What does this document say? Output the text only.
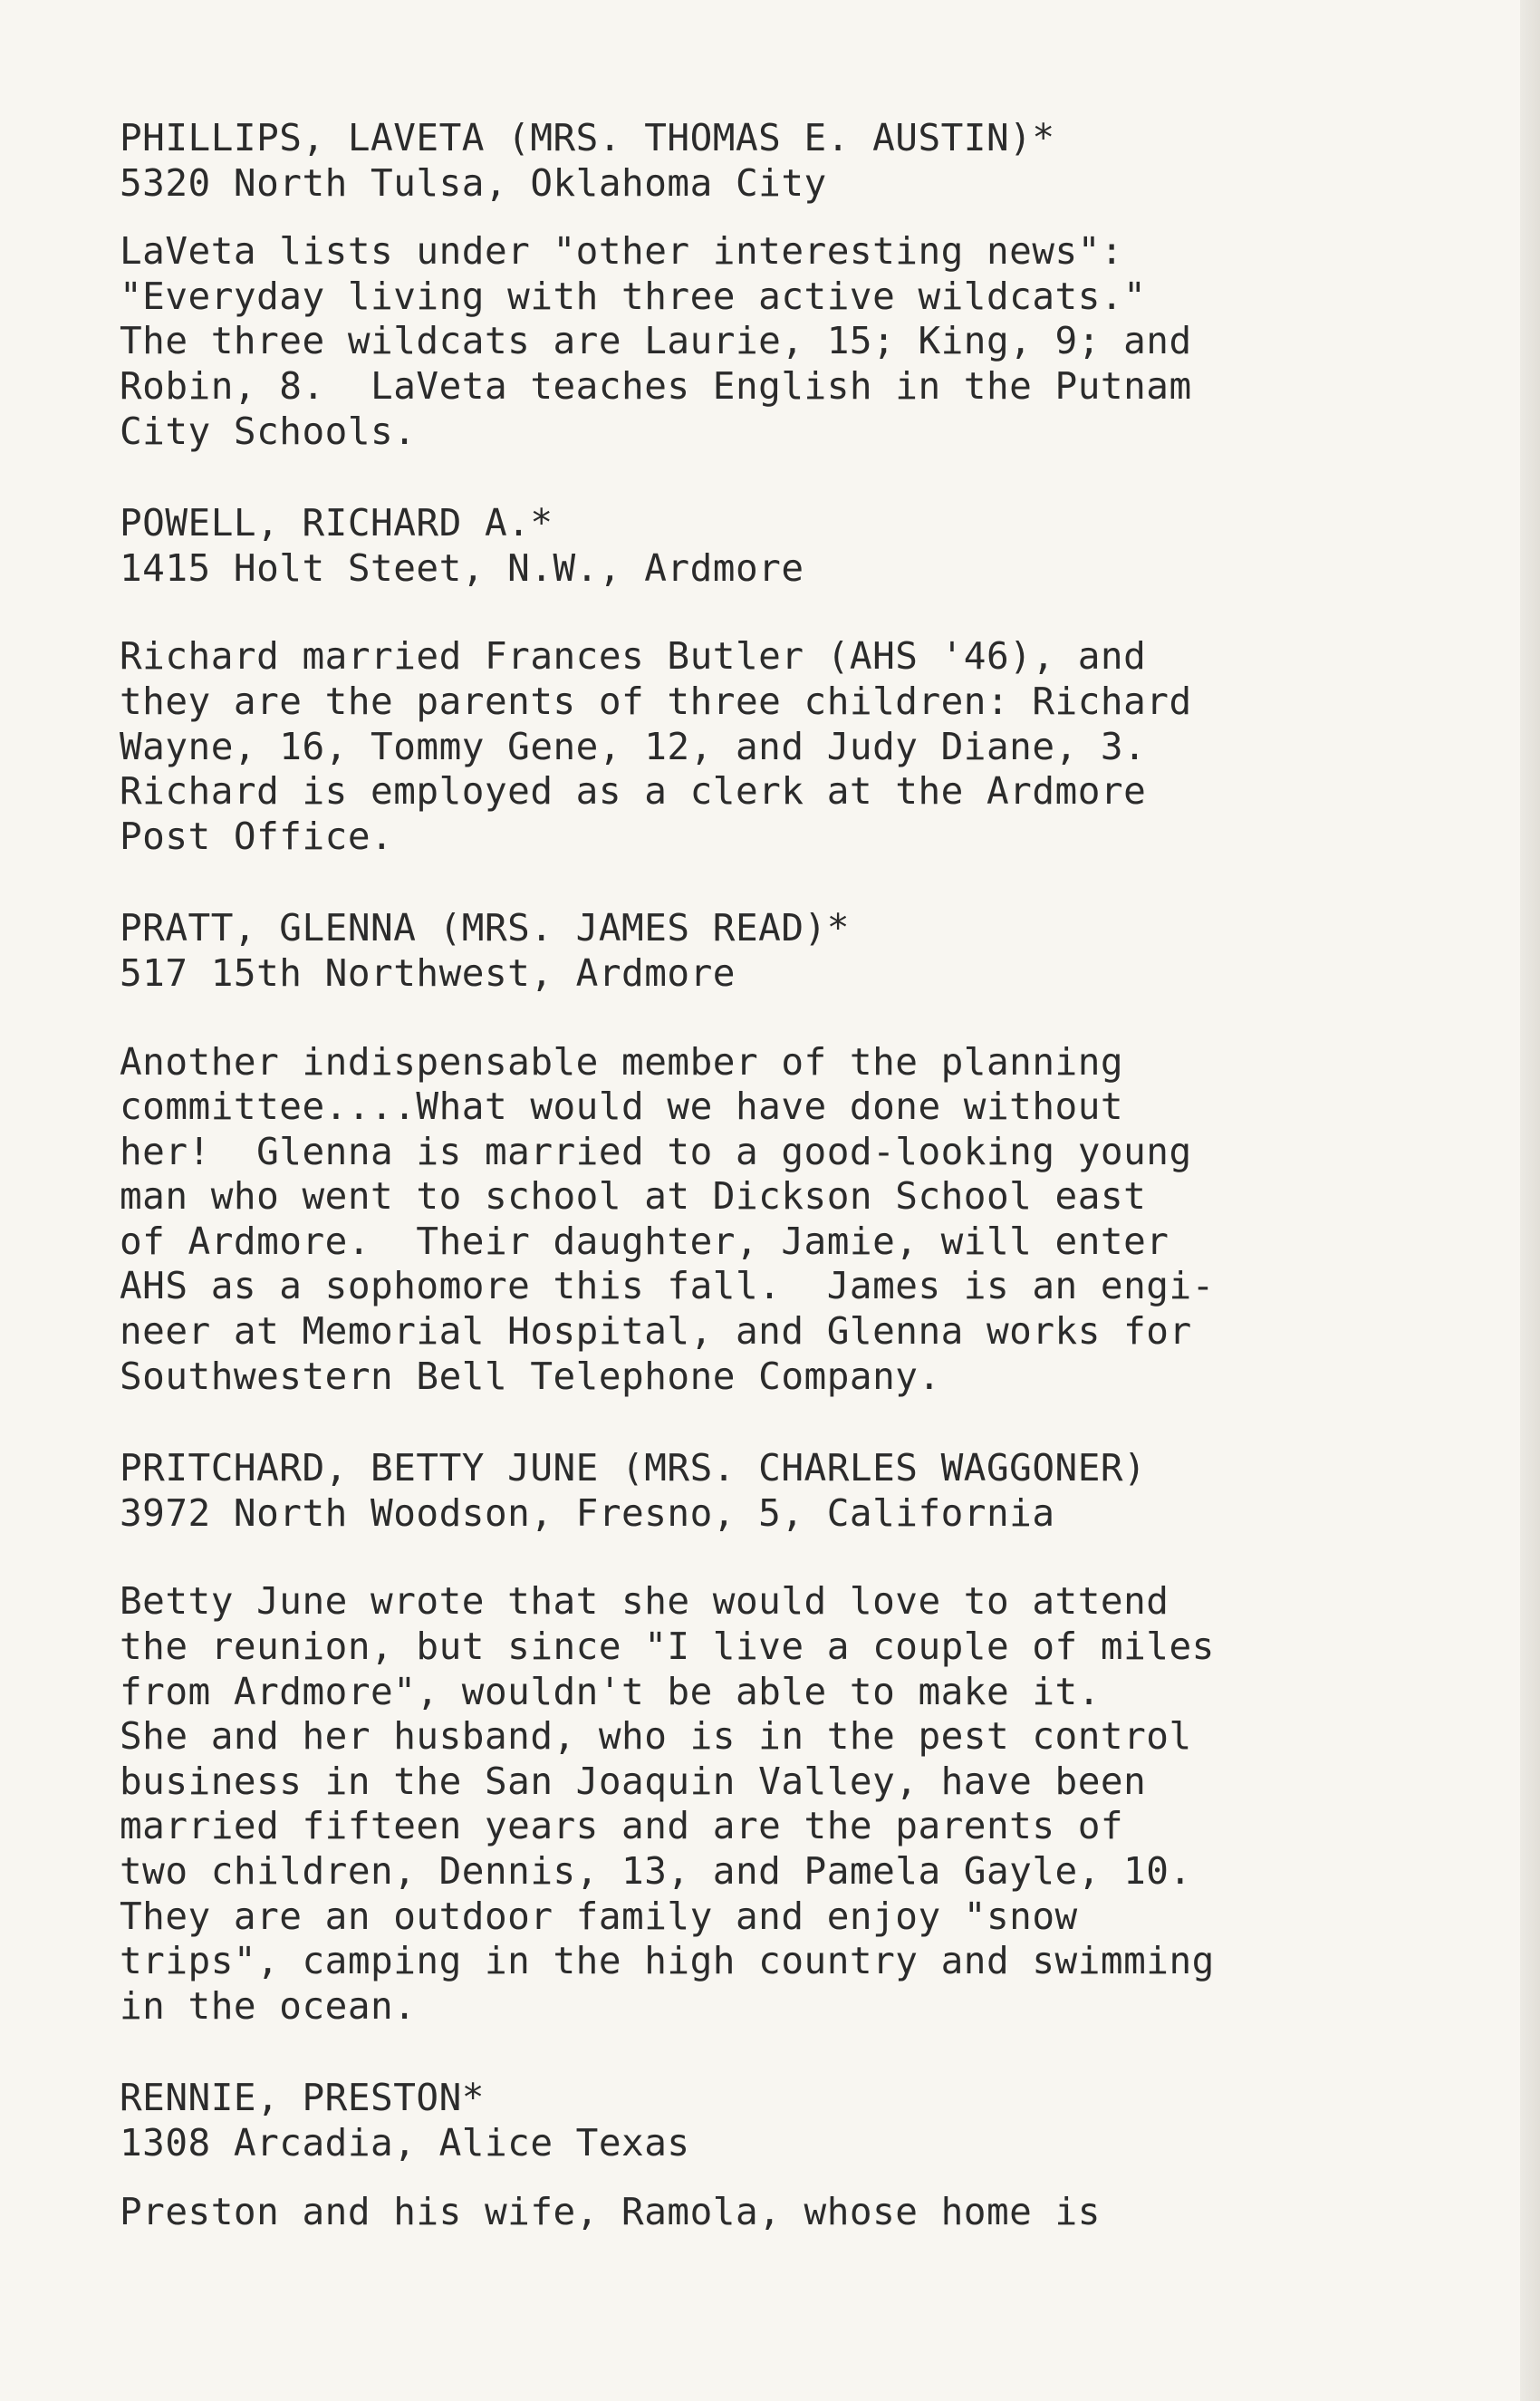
PHILLIPS, LAVETA (MRS. THOMAS E. AUSTIN)*
5320 North Tulsa, Oklahoma City
LaVeta lists under "other interesting news":
"Everyday living with three active wildcats."
The three wildcats are Laurie, 15; King, 9; and
Robin, 8.  LaVeta teaches English in the Putnam
City Schools.
POWELL, RICHARD A.*
1415 Holt Steet, N.W., Ardmore
Richard married Frances Butler (AHS '46), and
they are the parents of three children: Richard
Wayne, 16, Tommy Gene, 12, and Judy Diane, 3.
Richard is employed as a clerk at the Ardmore
Post Office.
PRATT, GLENNA (MRS. JAMES READ)*
517 15th Northwest, Ardmore
Another indispensable member of the planning
committee....What would we have done without
her!  Glenna is married to a good-looking young
man who went to school at Dickson School east
of Ardmore.  Their daughter, Jamie, will enter
AHS as a sophomore this fall.  James is an engi-
neer at Memorial Hospital, and Glenna works for
Southwestern Bell Telephone Company.
PRITCHARD, BETTY JUNE (MRS. CHARLES WAGGONER)
3972 North Woodson, Fresno, 5, California
Betty June wrote that she would love to attend
the reunion, but since "I live a couple of miles
from Ardmore", wouldn't be able to make it.
She and her husband, who is in the pest control
business in the San Joaquin Valley, have been
married fifteen years and are the parents of
two children, Dennis, 13, and Pamela Gayle, 10.
They are an outdoor family and enjoy "snow
trips", camping in the high country and swimming
in the ocean.
RENNIE, PRESTON*
1308 Arcadia, Alice Texas
Preston and his wife, Ramola, whose home is
